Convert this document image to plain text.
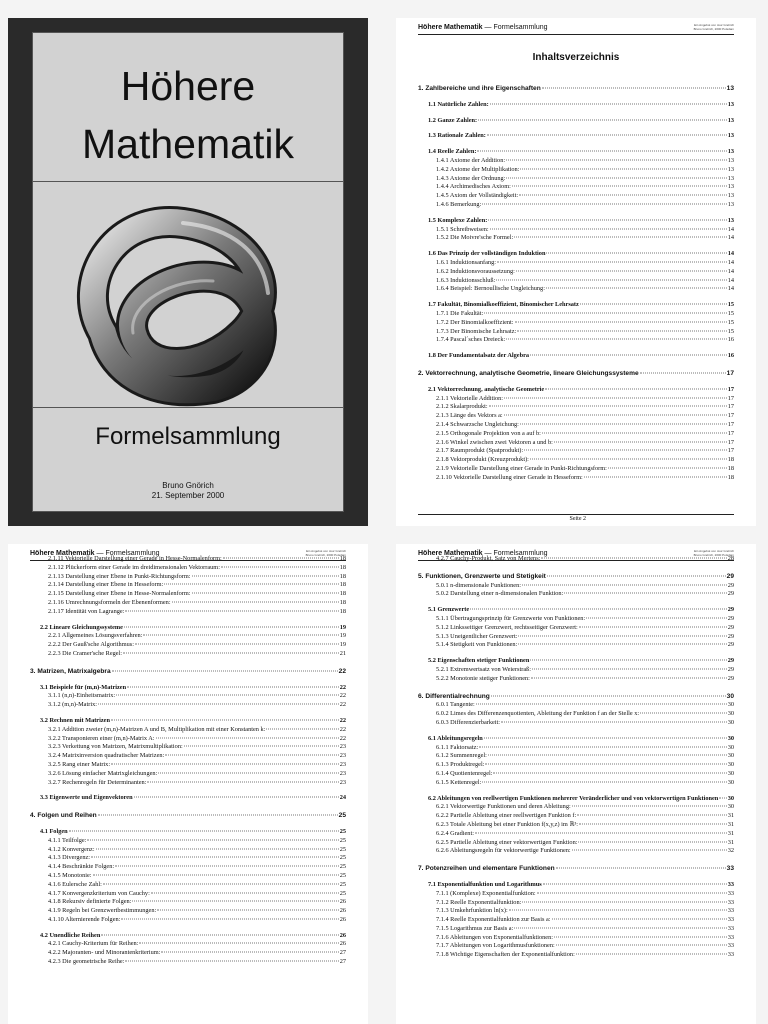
Höhere
Mathematik
Formelsammlung
Bruno Gnörich
21. September 2000
Höhere Mathematik — Formelsammlung	Ein Angebot von Jour Gnörich
Bruno Gnörich, 2000 Potsdam
Inhaltsverzeichnis
1. Zahlbereiche und ihre Eigenschaften	13
1.1 Natürliche Zahlen:	13
1.2 Ganze Zahlen:	13
1.3 Rationale Zahlen:	13
1.4 Reelle Zahlen:	13
1.4.1 Axiome der Addition:	13
1.4.2 Axiome der Multiplikation:	13
1.4.3 Axiome der Ordnung:	13
1.4.4 Archimedisches Axiom:	13
1.4.5 Axiom der Vollständigkeit:	13
1.4.6 Bemerkung:	13
1.5 Komplexe Zahlen:	13
1.5.1 Schreibweisen:	14
1.5.2 Die Moivre'sche Formel:	14
1.6 Das Prinzip der vollständigen Induktion	14
1.6.1 Induktionsanfang:	14
1.6.2 Induktionsvoraussetzung:	14
1.6.3 Induktionsschluß:	14
1.6.4 Beispiel: Bernoullische Ungleichung:	14
1.7 Fakultät, Binomialkoeffizient, Binomischer Lehrsatz	15
1.7.1 Die Fakultät:	15
1.7.2 Der Binomialkoeffizient:	15
1.7.3 Der Binomische Lehrsatz:	15
1.7.4 Pascal´sches Dreieck:	16
1.8 Der Fundamentalsatz der Algebra	16
2. Vektorrechnung, analytische Geometrie, lineare Gleichungssysteme	17
2.1 Vektorrechnung, analytische Geometrie	17
2.1.1 Vektorielle Addition:	17
2.1.2 Skalarprodukt:	17
2.1.3 Länge des Vektors a:	17
2.1.4 Schwarzsche Ungleichung:	17
2.1.5 Orthogonale Projektion von a auf b:	17
2.1.6 Winkel zwischen zwei Vektoren a und b:	17
2.1.7 Raumprodukt (Spatprodukt):	17
2.1.8 Vektorprodukt (Kreuzprodukt):	18
2.1.9 Vektorielle Darstellung einer Gerade in Punkt-Richtungsform:	18
2.1.10 Vektorielle Darstellung einer Gerade in Hesseform:	18
Seite 2
Höhere Mathematik — Formelsammlung	Ein Angebot von Jour Gnörich
Bruno Gnörich, 2000 Potsdam
2.1.11 Vektorielle Darstellung einer Gerade in Hesse-Normalenform:	18
2.1.12 Plückerform einer Gerade im dreidimensionalen Vektorraum:	18
2.1.13 Darstellung einer Ebene in Punkt-Richtungsform:	18
2.1.14 Darstellung einer Ebene in Hesseform:	18
2.1.15 Darstellung einer Ebene in Hesse-Normalenform:	18
2.1.16 Umrechnungsformeln der Ebenenformen:	18
2.1.17 Identität von Lagrange:	18
2.2 Lineare Gleichungssysteme	19
2.2.1 Allgemeines Lösungsverfahren:	19
2.2.2 Der Gauß'sche Algorithmus:	19
2.2.3 Die Cramer'sche Regel:	21
3. Matrizen, Matrixalgebra	22
3.1 Beispiele für (m,n)-Matrizen	22
3.1.1 (n,n)-Einheitsmatrix:	22
3.1.2 (m,n)-Matrix:	22
3.2 Rechnen mit Matrizen	22
3.2.1 Addition zweier (m,n)-Matrizen A und B, Multiplikation mit einer Konstanten k:	22
3.2.2 Transponieren einer (m,n)-Matrix A:	22
3.2.3 Verkettung von Matrizen, Matrixmultiplikation:	23
3.2.4 Matrixinversion quadratischer Matrizen:	23
3.2.5 Rang einer Matrix:	23
3.2.6 Lösung einfacher Matrixgleichungen:	23
3.2.7 Rechenregeln für Determinanten:	23
3.3 Eigenwerte und Eigenvektoren	24
4. Folgen und Reihen	25
4.1 Folgen	25
4.1.1 Teilfolge:	25
4.1.2 Konvergenz:	25
4.1.3 Divergenz:	25
4.1.4 Beschränkte Folgen:	25
4.1.5 Monotonie:	25
4.1.6 Eulersche Zahl:	25
4.1.7 Konvergenzkriterium von Cauchy:	25
4.1.8 Rekursiv definierte Folgen:	26
4.1.9 Regeln bei Grenzwertbestimmungen:	26
4.1.10 Alternierende Folgen:	26
4.2 Unendliche Reihen	26
4.2.1 Cauchy-Kriterium für Reihen:	26
4.2.2 Majoranten- und Minorantenkriterium:	27
4.2.3 Die geometrische Reihe:	27
Höhere Mathematik — Formelsammlung	Ein Angebot von Jour Gnörich
Bruno Gnörich, 2000 Potsdam
4.2.7 Cauchy-Produkt, Satz von Mertens:	28
5. Funktionen, Grenzwerte und Stetigkeit	29
5.0.1 n-dimensionale Funktionen:	29
5.0.2 Darstellung einer n-dimensionalen Funktion:	29
5.1 Grenzwerte	29
5.1.1 Übertragungsprinzip für Grenzwerte von Funktionen:	29
5.1.2 Linksseitiger Grenzwert, rechtsseitiger Grenzwert:	29
5.1.3 Uneigentlicher Grenzwert:	29
5.1.4 Stetigkeit von Funktionen:	29
5.2 Eigenschaften stetiger Funktionen	29
5.2.1 Extremwertsatz von Weierstraß:	29
5.2.2 Monotonie stetiger Funktionen:	29
6. Differentialrechnung	30
6.0.1 Tangente:	30
6.0.2 Limes des Differenzenquotienten, Ableitung der Funktion f an der Stelle x:	30
6.0.3 Differenzierbarkeit:	30
6.1 Ableitungsregeln	30
6.1.1 Faktorsatz:	30
6.1.2 Summenregel:	30
6.1.3 Produktregel:	30
6.1.4 Quotientenregel:	30
6.1.5 Kettenregel:	30
6.2 Ableitungen von reellwertigen Funktionen mehrerer Veränderlicher und von vektorwertigen Funktionen 30
6.2.1 Vektorwertige Funktionen und deren Ableitung:	30
6.2.2 Partielle Ableitung einer reellwertigen Funktion f:	31
6.2.3 Totale Ableitung bei einer Funktion f(x,y,z) im ℝ³:	31
6.2.4 Gradient:	31
6.2.5 Partielle Ableitung einer vektorwertigen Funktion:	31
6.2.6 Ableitungsregeln für vektorwertige Funktionen:	32
7. Potenzreihen und elementare Funktionen	33
7.1 Exponentialfunktion und Logarithmus	33
7.1.1 (Komplexe) Exponentialfunktion:	33
7.1.2 Reelle Exponentialfunktion:	33
7.1.3 Umkehrfunktion ln(x):	33
7.1.4 Reelle Exponentialfunktion zur Basis a:	33
7.1.5 Logarithmus zur Basis a:	33
7.1.6 Ableitungen von Exponentialfunktionen:	33
7.1.7 Ableitungen von Logarithmusfunktionen:	33
7.1.8 Wichtige Eigenschaften der Exponentialfunktion:	33
